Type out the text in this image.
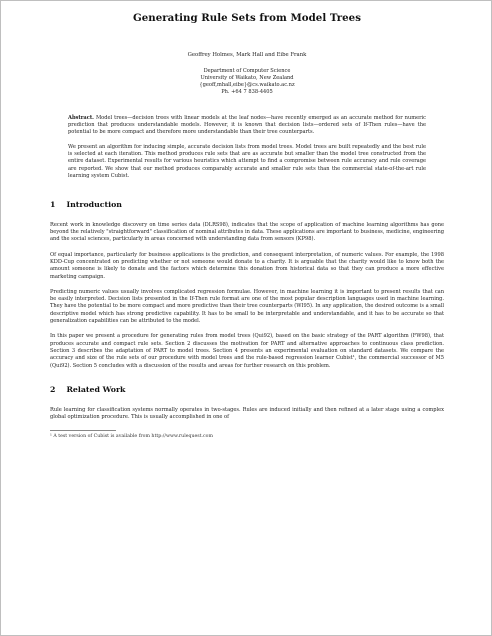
Generating Rule Sets from Model Trees
Geoffrey Holmes, Mark Hall and Eibe Frank
Department of Computer Science
University of Waikato, New Zealand
{geoff,mhall,eibe}@cs.waikato.ac.nz
Ph. +64 7 838-4405

Abstract. Model trees—decision trees with linear models at the leaf nodes—have recently emerged as an accurate method for numeric prediction that produces understandable models. However, it is known that decision lists—ordered sets of If-Then rules—have the potential to be more compact and therefore more understandable than their tree counterparts.

We present an algorithm for inducing simple, accurate decision lists from model trees. Model trees are built repeatedly and the best rule is selected at each iteration. This method produces rule sets that are as accurate but smaller than the model tree constructed from the entire dataset. Experimental results for various heuristics which attempt to find a compromise between rule accuracy and rule coverage are reported. We show that our method produces comparably accurate and smaller rule sets than the commercial state-of-the-art rule learning system Cubist.

1 Introduction

Recent work in knowledge discovery on time series data (DLRS98), indicates that the scope of application of machine learning algorithms has gone beyond the relatively "straightforward" classification of nominal attributes in data. These applications are important to business, medicine, engineering and the social sciences, particularly in areas concerned with understanding data from sensors (KP98).

Of equal importance, particularly for business applications is the prediction, and consequent interpretation, of numeric values. For example, the 1998 KDD-Cup concentrated on predicting whether or not someone would donate to a charity. It is arguable that the charity would like to know both the amount someone is likely to donate and the factors which determine this donation from historical data so that they can produce a more effective marketing campaign.

Predicting numeric values usually involves complicated regression formulae. However, in machine learning it is important to present results that can be easily interpreted. Decision lists presented in the If-Then rule format are one of the most popular description languages used in machine learning. They have the potential to be more compact and more predictive than their tree counterparts (WI95). In any application, the desired outcome is a small descriptive model which has strong predictive capability. It has to be small to be interpretable and understandable, and it has to be accurate so that generalization capabilities can be attributed to the model.

In this paper we present a procedure for generating rules from model trees (Qui92), based on the basic strategy of the PART algorithm (FW98), that produces accurate and compact rule sets. Section 2 discusses the motivation for PART and alternative approaches to continuous class prediction. Section 3 describes the adaptation of PART to model trees. Section 4 presents an experimental evaluation on standard datasets. We compare the accuracy and size of the rule sets of our procedure with model trees and the rule-based regression learner Cubist¹, the commercial successor of M5 (Qui92). Section 5 concludes with a discussion of the results and areas for further research on this problem.

2 Related Work

Rule learning for classification systems normally operates in two-stages. Rules are induced initially and then refined at a later stage using a complex global optimization procedure. This is usually accomplished in one of

¹ A test version of Cubist is available from http://www.rulequest.com
